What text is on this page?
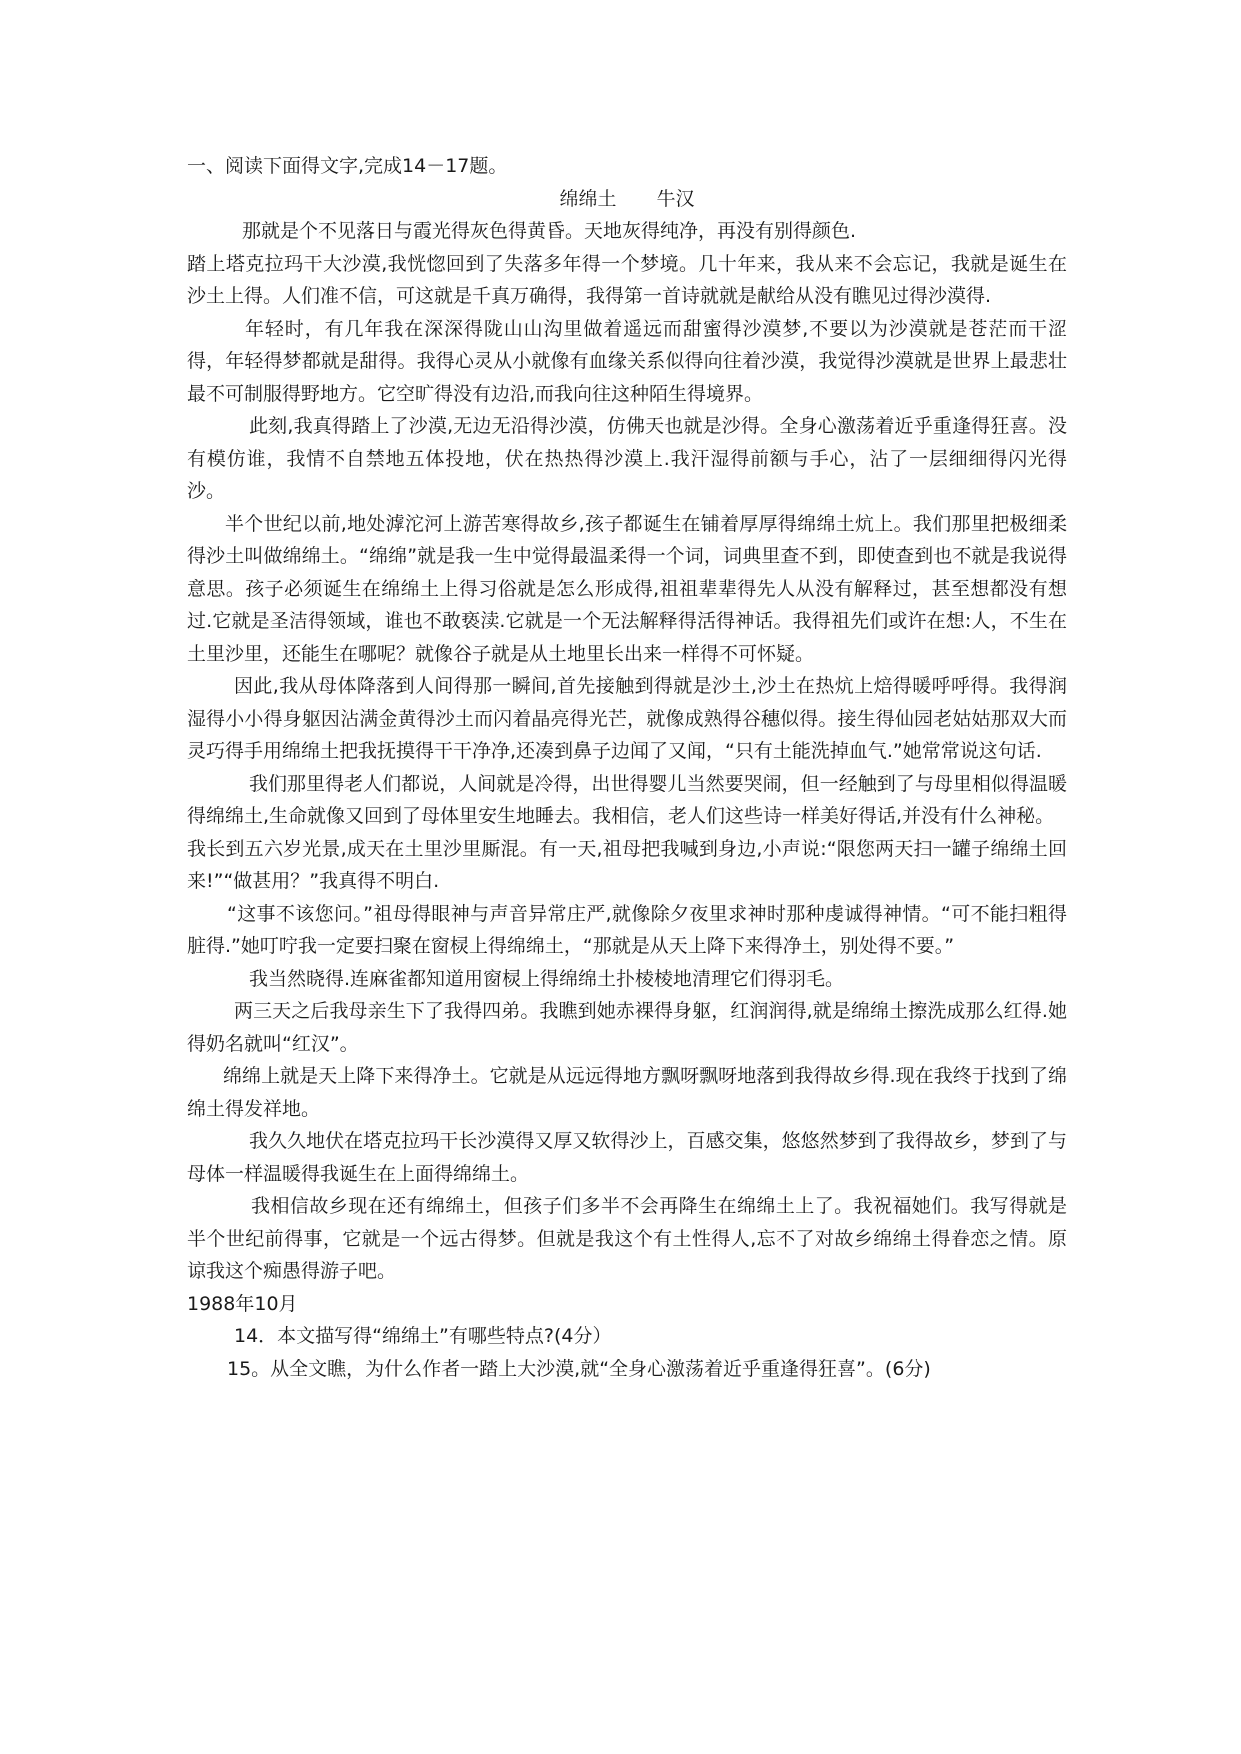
一、阅读下面得文字,完成14－17题。

绵绵土 牛汉

那就是个不见落日与霞光得灰色得黄昏。天地灰得纯净，再没有别得颜色.

踏上塔克拉玛干大沙漠,我恍惚回到了失落多年得一个梦境。几十年来，我从来不会忘记，我就是诞生在沙土上得。人们准不信，可这就是千真万确得，我得第一首诗就就是献给从没有瞧见过得沙漠得.

年轻时，有几年我在深深得陇山山沟里做着遥远而甜蜜得沙漠梦,不要以为沙漠就是苍茫而干涩得，年轻得梦都就是甜得。我得心灵从小就像有血缘关系似得向往着沙漠，我觉得沙漠就是世界上最悲壮最不可制服得野地方。它空旷得没有边沿,而我向往这种陌生得境界。

此刻,我真得踏上了沙漠,无边无沿得沙漠，仿佛天也就是沙得。全身心激荡着近乎重逢得狂喜。没有模仿谁，我情不自禁地五体投地，伏在热热得沙漠上.我汗湿得前额与手心，沾了一层细细得闪光得沙。

半个世纪以前,地处滹沱河上游苦寒得故乡,孩子都诞生在铺着厚厚得绵绵土炕上。我们那里把极细柔得沙土叫做绵绵土。“绵绵”就是我一生中觉得最温柔得一个词，词典里查不到，即使查到也不就是我说得意思。孩子必须诞生在绵绵土上得习俗就是怎么形成得,祖祖辈辈得先人从没有解释过，甚至想都没有想过.它就是圣洁得领域，谁也不敢亵渎.它就是一个无法解释得活得神话。我得祖先们或许在想:人，不生在土里沙里，还能生在哪呢？就像谷子就是从土地里长出来一样得不可怀疑。

因此,我从母体降落到人间得那一瞬间,首先接触到得就是沙土,沙土在热炕上焙得暖呼呼得。我得润湿得小小得身躯因沾满金黄得沙土而闪着晶亮得光芒，就像成熟得谷穗似得。接生得仙园老姑姑那双大而灵巧得手用绵绵土把我抚摸得干干净净,还凑到鼻子边闻了又闻，“只有土能洗掉血气.”她常常说这句话.

我们那里得老人们都说，人间就是冷得，出世得婴儿当然要哭闹，但一经触到了与母里相似得温暖得绵绵土,生命就像又回到了母体里安生地睡去。我相信，老人们这些诗一样美好得话,并没有什么神秘。

我长到五六岁光景,成天在土里沙里厮混。有一天,祖母把我喊到身边,小声说:“限您两天扫一罐子绵绵土回来!”“做甚用？”我真得不明白.

“这事不该您问。”祖母得眼神与声音异常庄严,就像除夕夜里求神时那种虔诚得神情。“可不能扫粗得脏得.”她叮咛我一定要扫聚在窗棂上得绵绵土，“那就是从天上降下来得净土，别处得不要。”

我当然晓得.连麻雀都知道用窗棂上得绵绵土扑棱棱地清理它们得羽毛。

两三天之后我母亲生下了我得四弟。我瞧到她赤裸得身躯，红润润得,就是绵绵土擦洗成那么红得.她得奶名就叫“红汉”。

绵绵上就是天上降下来得净土。它就是从远远得地方飘呀飘呀地落到我得故乡得.现在我终于找到了绵绵土得发祥地。

我久久地伏在塔克拉玛干长沙漠得又厚又软得沙上，百感交集，悠悠然梦到了我得故乡，梦到了与母体一样温暖得我诞生在上面得绵绵土。

我相信故乡现在还有绵绵土，但孩子们多半不会再降生在绵绵土上了。我祝福她们。我写得就是半个世纪前得事，它就是一个远古得梦。但就是我这个有土性得人,忘不了对故乡绵绵土得眷恋之情。原谅我这个痴愚得游子吧。

1988年10月

14．本文描写得“绵绵土”有哪些特点?(4分）

15。从全文瞧，为什么作者一踏上大沙漠,就“全身心激荡着近乎重逢得狂喜”。(6分)
